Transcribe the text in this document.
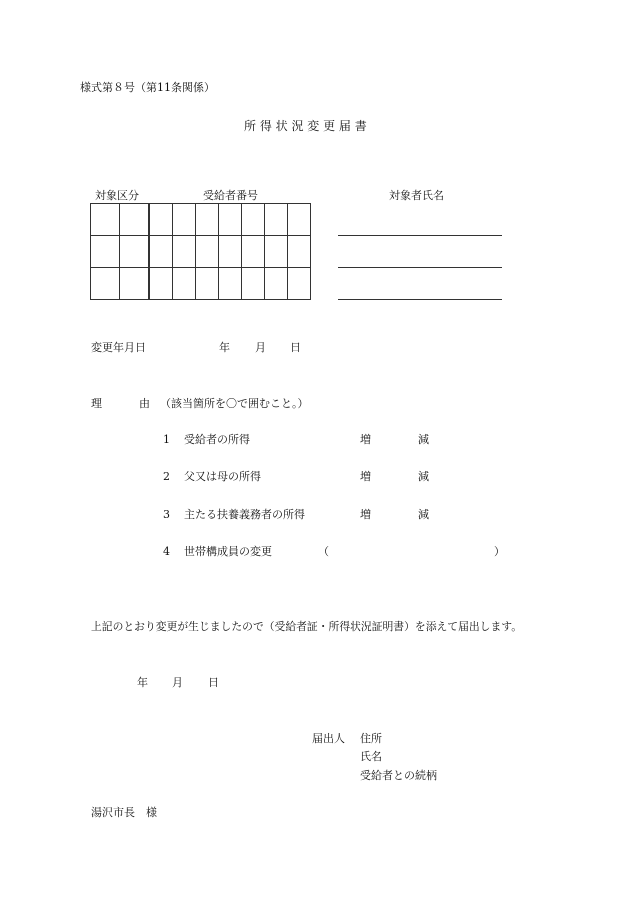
様式第８号（第11条関係）
所 得 状 況 変 更 届 書
対象区分	受給者番号	対象者氏名

変更年月日	年 月 日
理	由 （該当箇所を〇で囲むこと。）
1 受給者の所得	増	減
2 父又は母の所得	増	減
3 主たる扶養義務者の所得	増	減
4 世帯構成員の変更	（	）
上記のとおり変更が生じましたので（受給者証・所得状況証明書）を添えて届出します。
年 月 日
届出人 住所
氏名
受給者との続柄
湯沢市長　様
